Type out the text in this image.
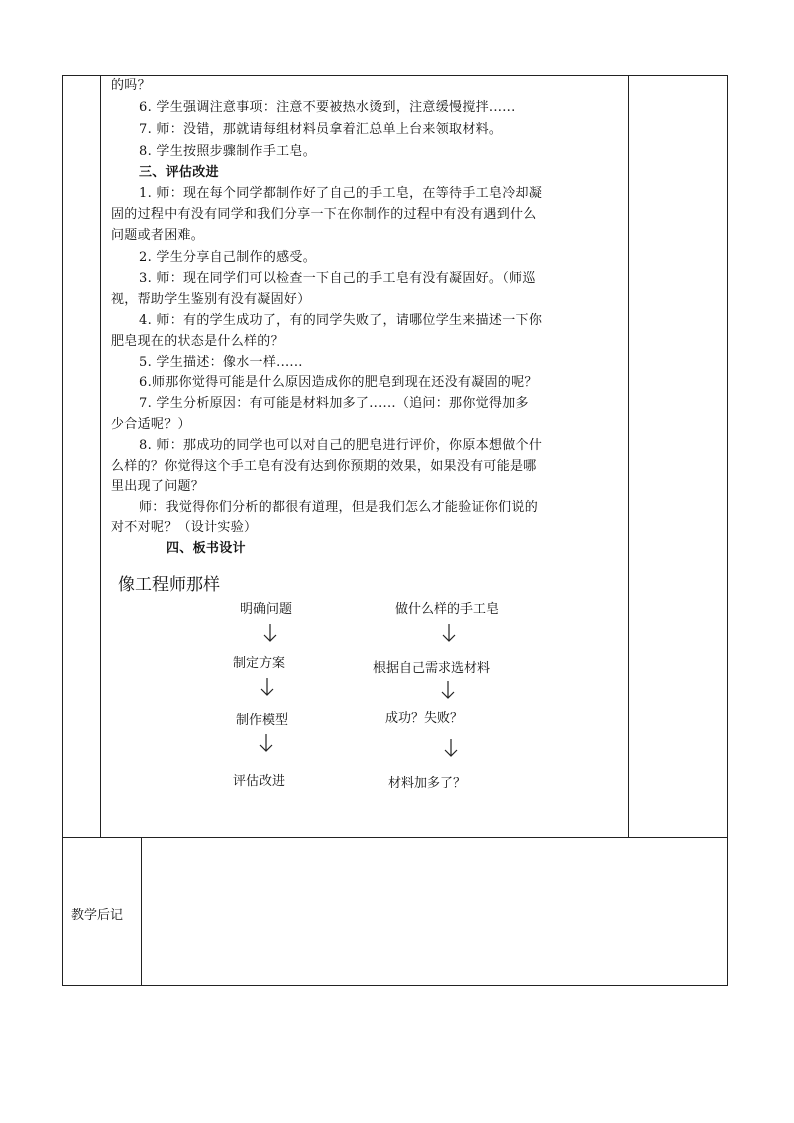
的吗？
6. 学生强调注意事项：注意不要被热水烫到，注意缓慢搅拌......
7. 师：没错，那就请每组材料员拿着汇总单上台来领取材料。
8. 学生按照步骤制作手工皂。
三、评估改进
1. 师：现在每个同学都制作好了自己的手工皂，在等待手工皂冷却凝
固的过程中有没有同学和我们分享一下在你制作的过程中有没有遇到什么
问题或者困难。
2. 学生分享自己制作的感受。
3. 师：现在同学们可以检查一下自己的手工皂有没有凝固好。（师巡
视，帮助学生鉴别有没有凝固好）
4. 师：有的学生成功了，有的同学失败了，请哪位学生来描述一下你
肥皂现在的状态是什么样的？
5. 学生描述：像水一样......
6.师那你觉得可能是什么原因造成你的肥皂到现在还没有凝固的呢？
7. 学生分析原因：有可能是材料加多了......（追问：那你觉得加多
少合适呢？）
8. 师：那成功的同学也可以对自己的肥皂进行评价，你原本想做个什
么样的？你觉得这个手工皂有没有达到你预期的效果，如果没有可能是哪
里出现了问题？
师：我觉得你们分析的都很有道理，但是我们怎么才能验证你们说的
对不对呢？（设计实验）
四、板书设计
像工程师那样
明确问题
制定方案
制作模型
评估改进
做什么样的手工皂
根据自己需求选材料
成功？失败？
材料加多了？
教学后记
